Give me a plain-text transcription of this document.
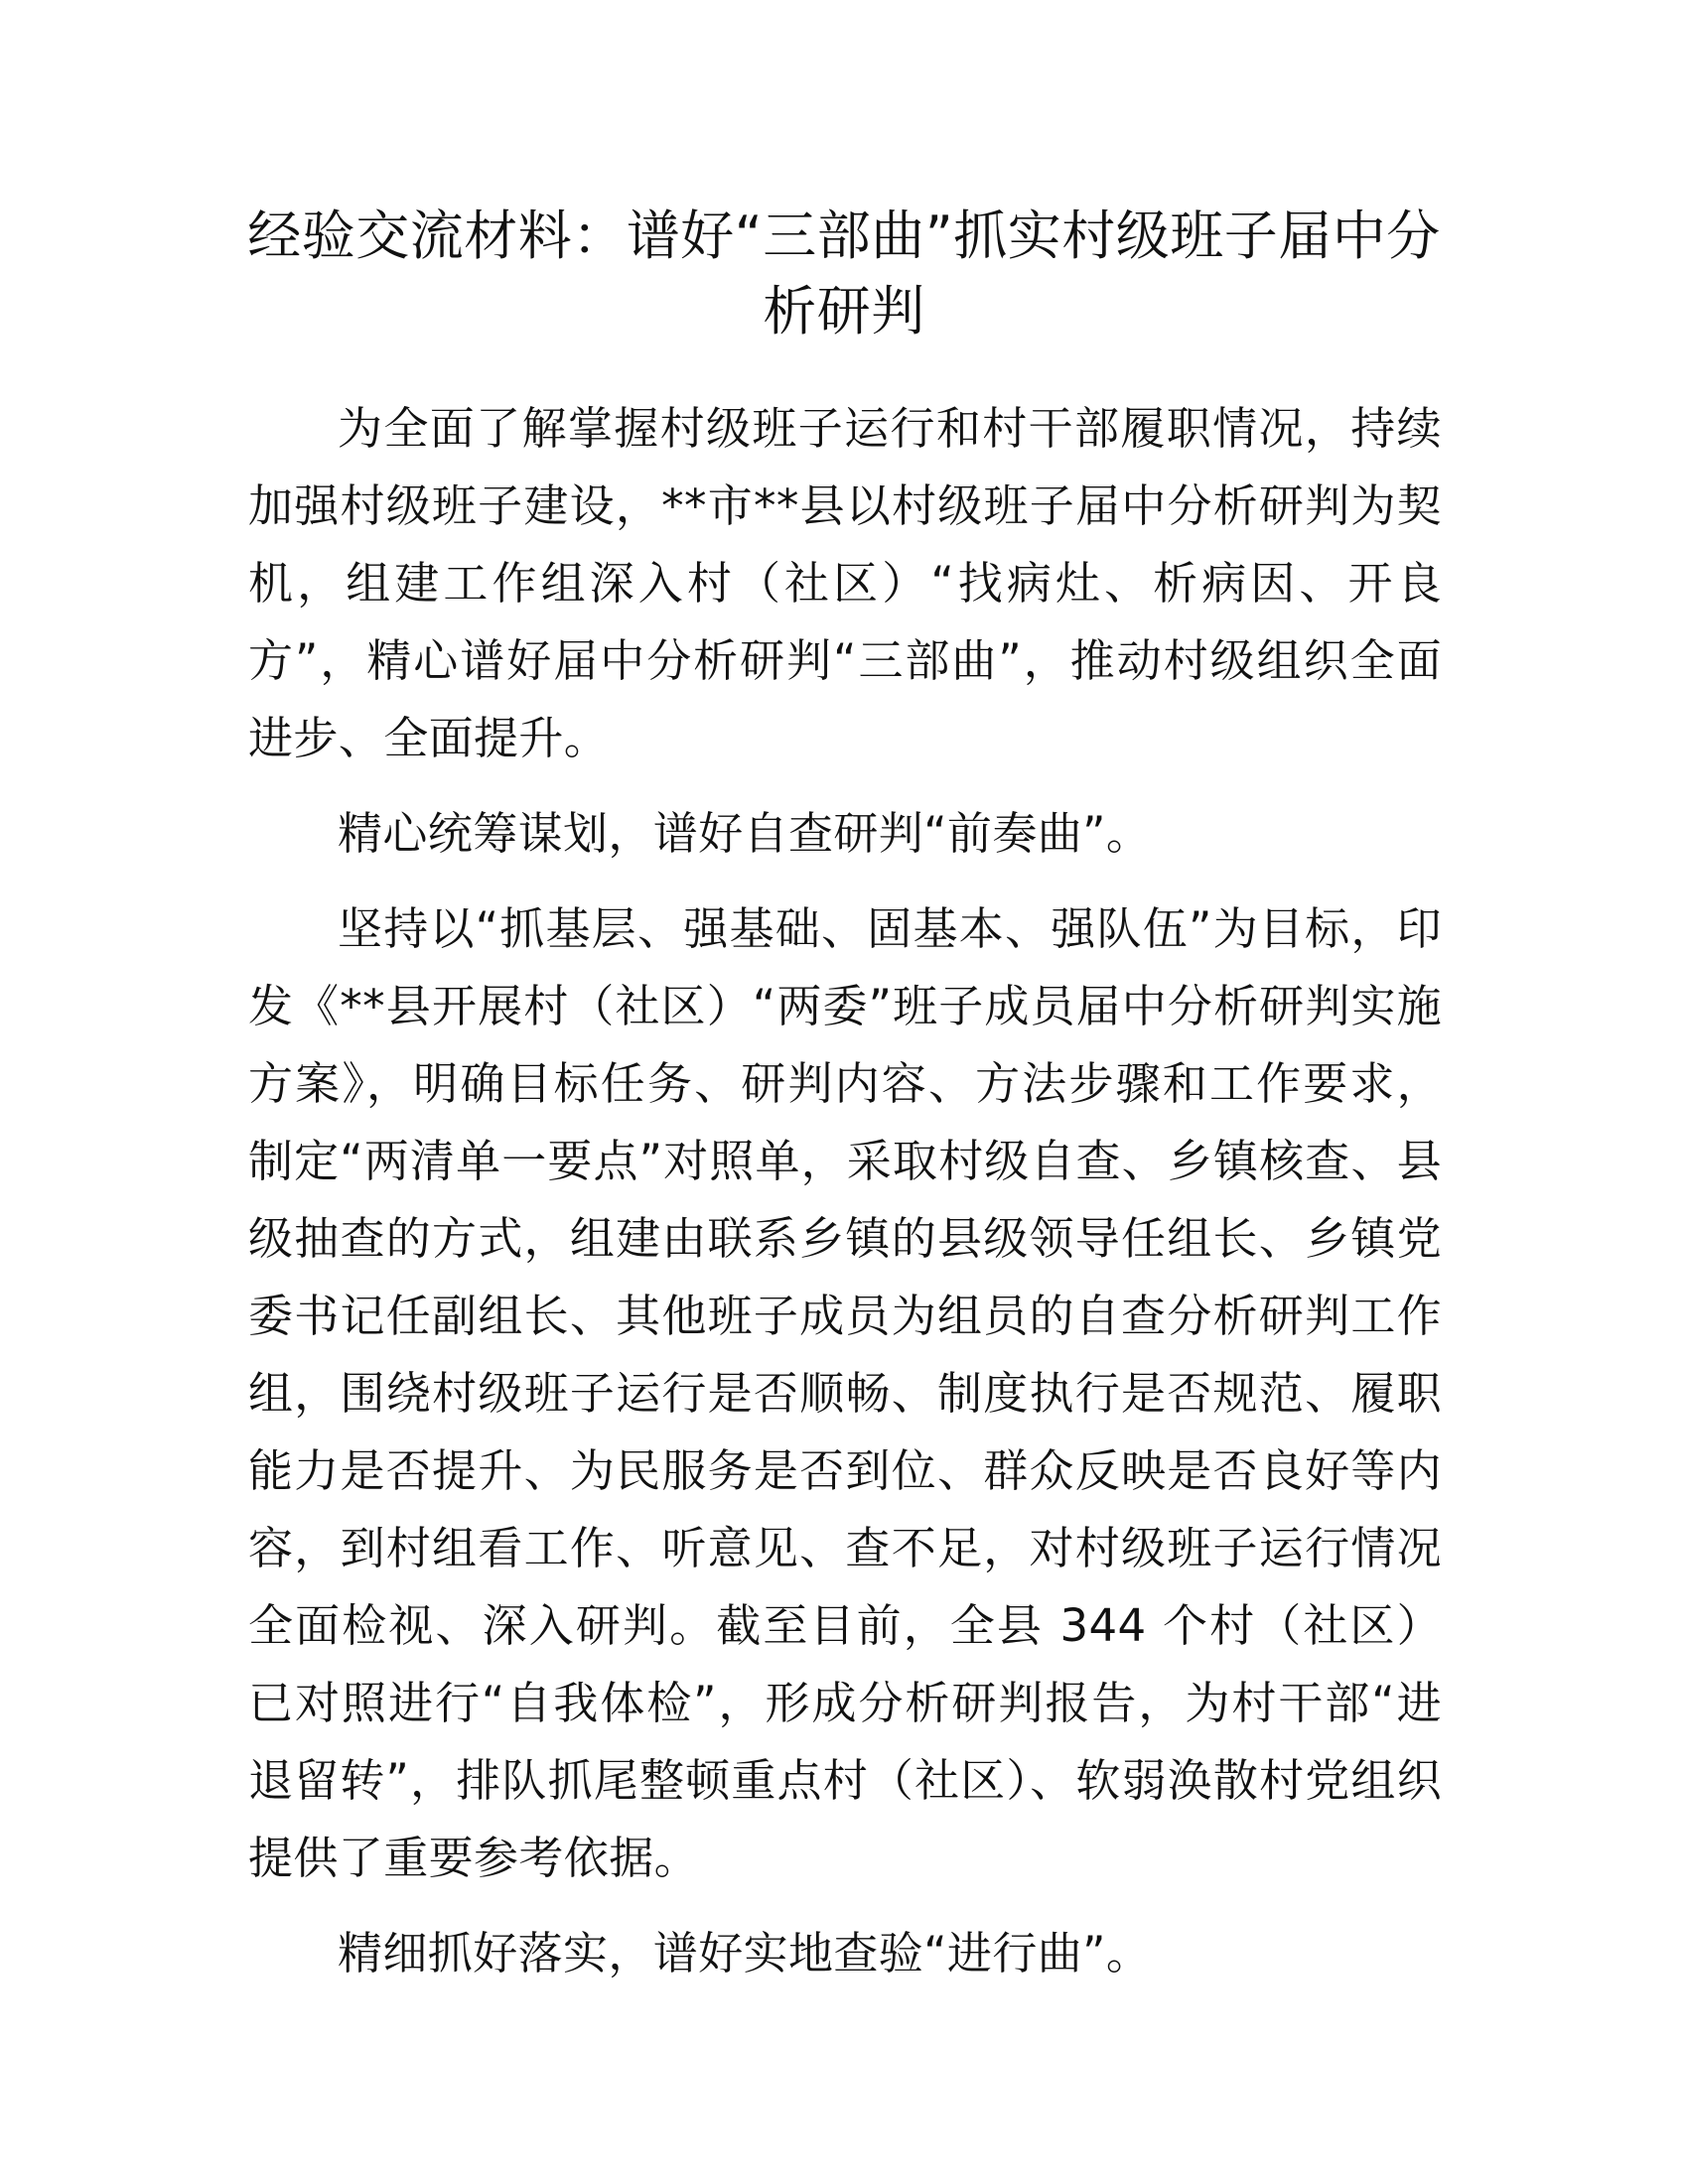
经验交流材料：谱好“三部曲”抓实村级班子届中分析研判

为全面了解掌握村级班子运行和村干部履职情况，持续加强村级班子建设，**市**县以村级班子届中分析研判为契机，组建工作组深入村（社区）“找病灶、析病因、开良方”，精心谱好届中分析研判“三部曲”，推动村级组织全面进步、全面提升。

精心统筹谋划，谱好自查研判“前奏曲”。

坚持以“抓基层、强基础、固基本、强队伍”为目标，印发《**县开展村（社区）“两委”班子成员届中分析研判实施方案》，明确目标任务、研判内容、方法步骤和工作要求，制定“两清单一要点”对照单，采取村级自查、乡镇核查、县级抽查的方式，组建由联系乡镇的县级领导任组长、乡镇党委书记任副组长、其他班子成员为组员的自查分析研判工作组，围绕村级班子运行是否顺畅、制度执行是否规范、履职能力是否提升、为民服务是否到位、群众反映是否良好等内容，到村组看工作、听意见、查不足，对村级班子运行情况全面检视、深入研判。截至目前，全县 344 个村（社区）已对照进行“自我体检”，形成分析研判报告，为村干部“进退留转”，排队抓尾整顿重点村（社区）、软弱涣散村党组织提供了重要参考依据。

精细抓好落实，谱好实地查验“进行曲”。
